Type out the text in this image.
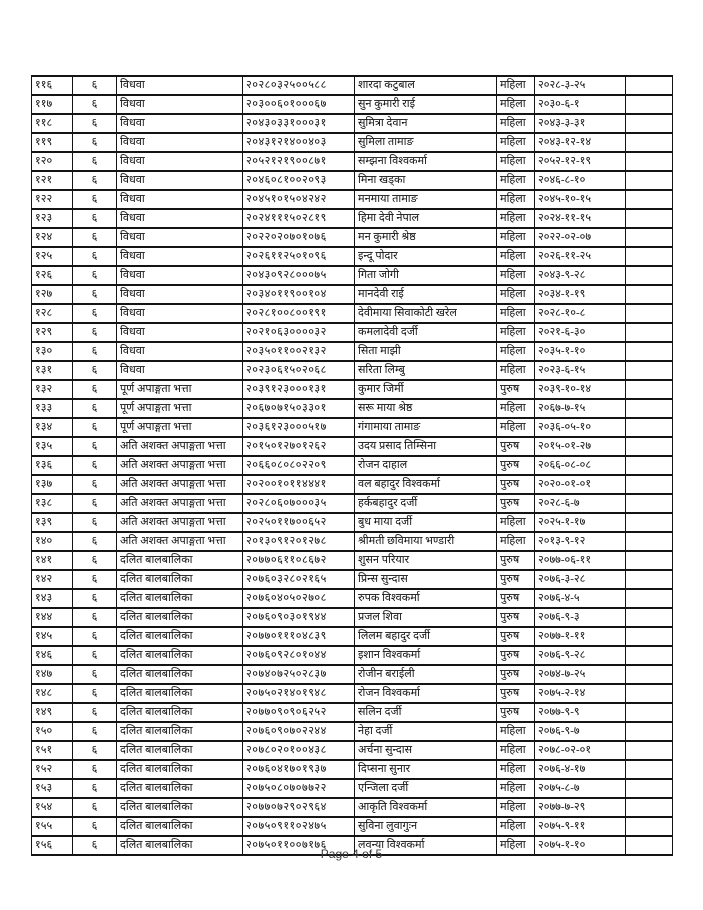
११६	६	विधवा	२०२८०३२५००५८८	शारदा कटुबाल	महिला	२०२८-३-२५	
११७	६	विधवा	२०३००६०१०००६७	सुन कुमारी राई	महिला	२०३०-६-१	
११८	६	विधवा	२०४३०३३१०००३१	सुमित्रा देवान	महिला	२०४३-३-३१	
११९	६	विधवा	२०४३१२१४००४०३	सुमिला तामाङ	महिला	२०४३-१२-१४	
१२०	६	विधवा	२०५२१२१९००८७१	सम्झना विश्वकर्मा	महिला	२०५२-१२-१९	
१२१	६	विधवा	२०४६०८१००२०९३	मिना खड्का	महिला	२०४६-८-१०	
१२२	६	विधवा	२०४५१०१५०४२४२	मनमाया तामाङ	महिला	२०४५-१०-१५	
१२३	६	विधवा	२०२४१११५०२८१९	हिमा देवी नेपाल	महिला	२०२४-११-१५	
१२४	६	विधवा	२०२२०२०७०१०७६	मन कुमारी श्रेष्ठ	महिला	२०२२-०२-०७	
१२५	६	विधवा	२०२६११२५०१०९६	इन्दू पोदार	महिला	२०२६-११-२५	
१२६	६	विधवा	२०४३०९२८०००७५	गिता जोगी	महिला	२०४३-९-२८	
१२७	६	विधवा	२०३४०११९००१०४	मानदेवी राई	महिला	२०३४-१-१९	
१२८	६	विधवा	२०२८१००८००१९१	देवीमाया सिवाकोटी खरेल	महिला	२०२८-१०-८	
१२९	६	विधवा	२०२१०६३००००३२	कमलादेवी दर्जी	महिला	२०२१-६-३०	
१३०	६	विधवा	२०३५०११००२१३२	सिता माझी	महिला	२०३५-१-१०	
१३१	६	विधवा	२०२३०६१५०२०६८	सरिता लिम्बु	महिला	२०२३-६-१५	
१३२	६	पूर्ण अपाङ्गता भत्ता	२०३९१२३०००१३१	कुमार जिर्मी	पुरुष	२०३९-१०-१४	
१३३	६	पूर्ण अपाङ्गता भत्ता	२०६७०७१५०३३०१	सरू माया श्रेष्ठ	महिला	२०६७-७-१५	
१३४	६	पूर्ण अपाङ्गता भत्ता	२०३६१२३०००५१७	गंगामाया तामाङ	महिला	२०३६-०५-१०	
१३५	६	अति अशक्त अपाङ्गता भत्ता	२०१५०१२७०१२६२	उदय प्रसाद तिम्सिना	पुरुष	२०१५-०१-२७	
१३६	६	अति अशक्त अपाङ्गता भत्ता	२०६६०८०८०२२०९	रोजन दाहाल	पुरुष	२०६६-०८-०८	
१३७	६	अति अशक्त अपाङ्गता भत्ता	२०२००१०११४४४१	वल बहादुर विश्वकर्मा	पुरुष	२०२०-०१-०१	
१३८	६	अति अशक्त अपाङ्गता भत्ता	२०२८०६०७०००३५	हर्कबहादुर दर्जी	पुरुष	२०२८-६-७	
१३९	६	अति अशक्त अपाङ्गता भत्ता	२०२५०११७००६५२	बुध माया दर्जी	महिला	२०२५-१-१७	
१४०	६	अति अशक्त अपाङ्गता भत्ता	२०१३०९१२०१२७८	श्रीमती छविमाया भण्डारी	महिला	२०१३-९-१२	
१४१	६	दलित बालबालिका	२०७७०६११०८६७२	शुसन परियार	पुरुष	२०७७-०६-११	
१४२	६	दलित बालबालिका	२०७६०३२८०२१६५	प्रिन्स सुन्दास	पुरुष	२०७६-३-२८	
१४३	६	दलित बालबालिका	२०७६०४०५०२७०८	रुपक विश्वकर्मा	पुरुष	२०७६-४-५	
१४४	६	दलित बालबालिका	२०७६०९०३०१९४४	प्रजल शिवा	पुरुष	२०७६-९-३	
१४५	६	दलित बालबालिका	२०७७०१११०४८३९	लिलम बहादुर दर्जी	पुरुष	२०७७-१-११	
१४६	६	दलित बालबालिका	२०७६०९२८०१०४४	इशान विश्वकर्मा	पुरुष	२०७६-९-२८	
१४७	६	दलित बालबालिका	२०७४०७२५०२८३७	रोजीन बराईली	पुरुष	२०७४-७-२५	
१४८	६	दलित बालबालिका	२०७५०२१४०१९४८	रोजन विश्वकर्मा	पुरुष	२०७५-२-१४	
१४९	६	दलित बालबालिका	२०७७०९०९०६२५२	सलिन दर्जी	पुरुष	२०७७-९-९	
१५०	६	दलित बालबालिका	२०७६०९०७०२२४४	नेहा दर्जी	महिला	२०७६-९-७	
१५१	६	दलित बालबालिका	२०७८०२०१००४३८	अर्चना सुन्दास	महिला	२०७८-०२-०१	
१५२	६	दलित बालबालिका	२०७६०४१७०१९३७	दिप्सना सुनार	महिला	२०७६-४-१७	
१५३	६	दलित बालबालिका	२०७५०८०७०७७२२	एन्जिला दर्जी	महिला	२०७५-८-७	
१५४	६	दलित बालबालिका	२०७७०७२९०२९६४	आकृति विश्वकर्मा	महिला	२०७७-७-२९	
१५५	६	दलित बालबालिका	२०७५०९११०२४७५	सुविना लुवागुःन	महिला	२०७५-९-११	
१५६	६	दलित बालबालिका	२०७५०११००७१७६	लवन्या विश्वकर्मा	महिला	२०७५-१-१०	
Page 4 of 5
